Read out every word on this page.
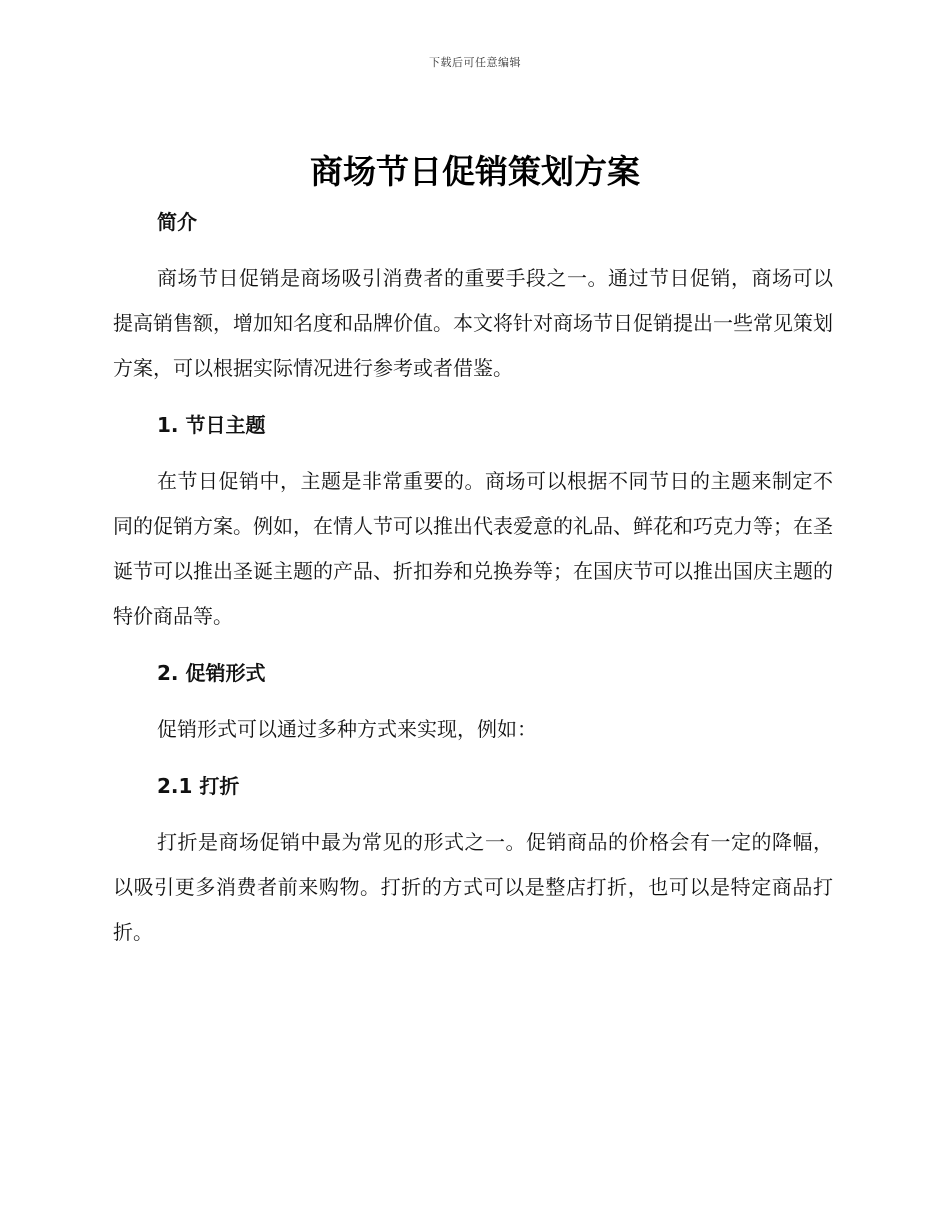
下载后可任意编辑
商场节日促销策划方案
简介

商场节日促销是商场吸引消费者的重要手段之一。通过节日促销，商场可以提高销售额，增加知名度和品牌价值。本文将针对商场节日促销提出一些常见策划方案，可以根据实际情况进行参考或者借鉴。

1. 节日主题

在节日促销中，主题是非常重要的。商场可以根据不同节日的主题来制定不同的促销方案。例如，在情人节可以推出代表爱意的礼品、鲜花和巧克力等；在圣诞节可以推出圣诞主题的产品、折扣券和兑换券等；在国庆节可以推出国庆主题的特价商品等。

2. 促销形式

促销形式可以通过多种方式来实现，例如：

2.1 打折

打折是商场促销中最为常见的形式之一。促销商品的价格会有一定的降幅，以吸引更多消费者前来购物。打折的方式可以是整店打折，也可以是特定商品打折。
